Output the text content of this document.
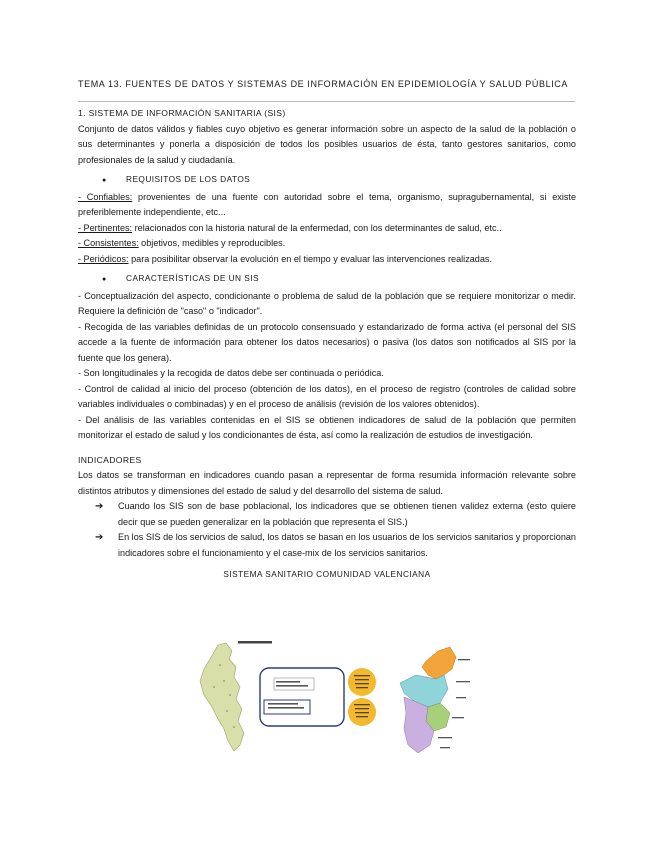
TEMA 13. FUENTES DE DATOS Y SISTEMAS DE INFORMACIÓN EN EPIDEMIOLOGÍA Y SALUD PÚBLICA

1. SISTEMA DE INFORMACIÓN SANITARIA (SIS)

Conjunto de datos válidos y fiables cuyo objetivo es generar información sobre un aspecto de la salud de la población o sus determinantes y ponerla a disposición de todos los posibles usuarios de ésta, tanto gestores sanitarios, como profesionales de la salud y ciudadanía.

● REQUISITOS DE LOS DATOS

- Confiables: provenientes de una fuente con autoridad sobre el tema, organismo, supragubernamental, si existe preferiblemente independiente, etc...

- Pertinentes: relacionados con la historia natural de la enfermedad, con los determinantes de salud, etc..

- Consistentes: objetivos, medibles y reproducibles.

- Periódicos: para posibilitar observar la evolución en el tiempo y evaluar las intervenciones realizadas.

● CARACTERÍSTICAS DE UN SIS

- Conceptualización del aspecto, condicionante o problema de salud de la población que se requiere monitorizar o medir. Requiere la definición de "caso" o "indicador".

- Recogida de las variables definidas de un protocolo consensuado y estandarizado de forma activa (el personal del SIS accede a la fuente de información para obtener los datos necesarios) o pasiva (los datos son notificados al SIS por la fuente que los genera).

- Son longitudinales y la recogida de datos debe ser continuada o periódica.

- Control de calidad al inicio del proceso (obtención de los datos), en el proceso de registro (controles de calidad sobre variables individuales o combinadas) y en el proceso de análisis (revisión de los valores obtenidos).

- Del análisis de las variables contenidas en el SIS se obtienen indicadores de salud de la población que permiten monitorizar el estado de salud y los condicionantes de ésta, así como la realización de estudios de investigación.

INDICADORES

Los datos se transforman en indicadores cuando pasan a representar de forma resumida información relevante sobre distintos atributos y dimensiones del estado de salud y del desarrollo del sistema de salud.

➔ Cuando los SIS son de base poblacional, los indicadores que se obtienen tienen validez externa (esto quiere decir que se pueden generalizar en la población que representa el SIS.)

➔ En los SIS de los servicios de salud, los datos se basan en los usuarios de los servicios sanitarios y proporcionan indicadores sobre el funcionamiento y el case-mix de los servicios sanitarios.

SISTEMA SANITARIO COMUNIDAD VALENCIANA
